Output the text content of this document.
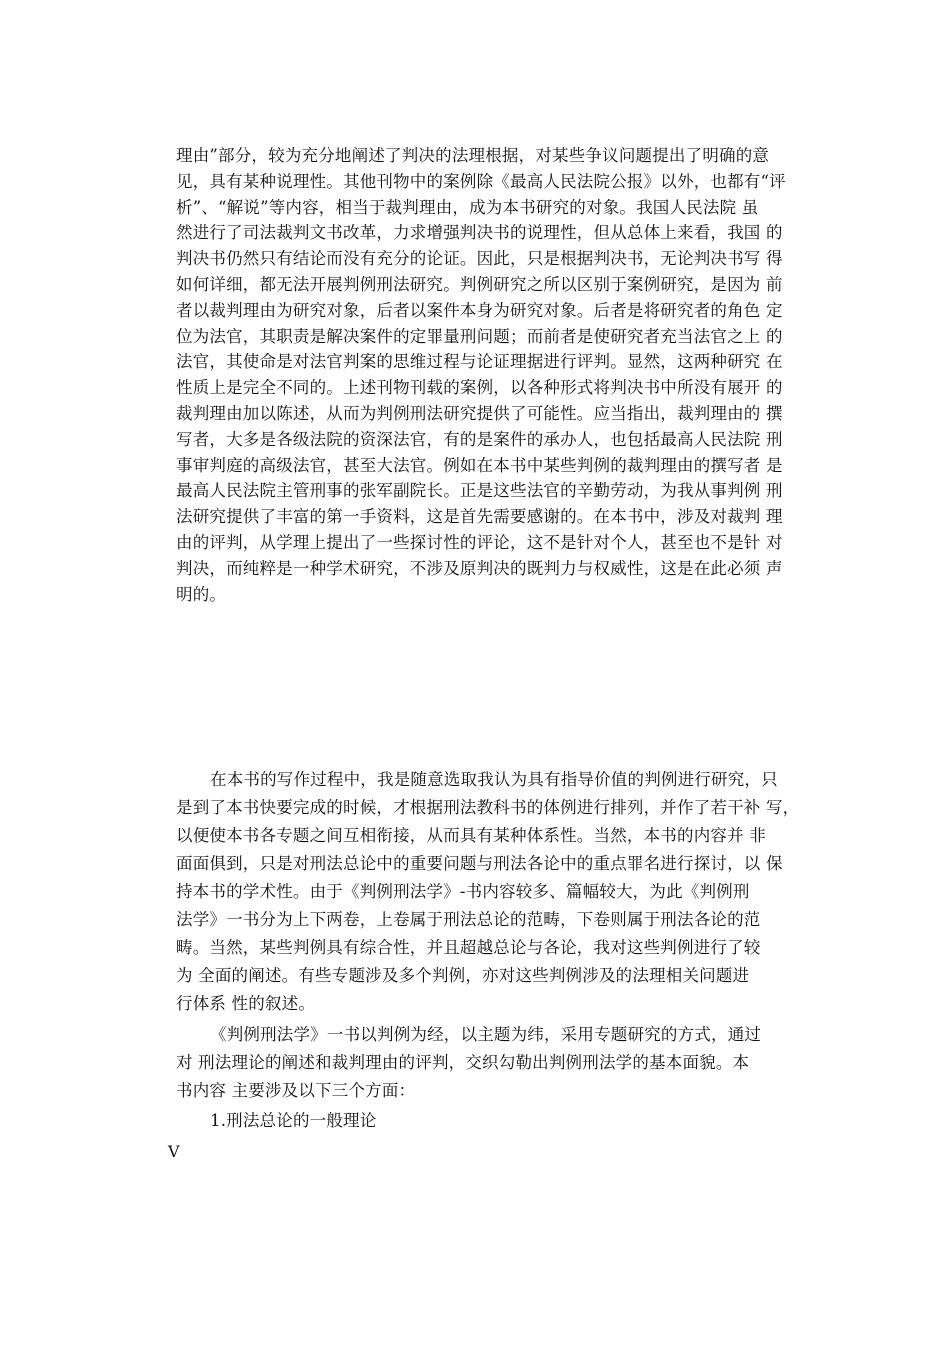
理由”部分，较为充分地阐述了判决的法理根据，对某些争议问题提出了明确的意
见，具有某种说理性。其他刊物中的案例除《最高人民法院公报》以外，也都有“评
析”、“解说”等内容，相当于裁判理由，成为本书研究的对象。我国人民法院 虽
然进行了司法裁判文书改革，力求增强判决书的说理性，但从总体上来看，我国 的
判决书仍然只有结论而没有充分的论证。因此，只是根据判决书，无论判决书写 得
如何详细，都无法开展判例刑法研究。判例研究之所以区别于案例研究，是因为 前
者以裁判理由为研究对象，后者以案件本身为研究对象。后者是将研究者的角色 定
位为法官，其职责是解决案件的定罪量刑问题；而前者是使研究者充当法官之上 的
法官，其使命是对法官判案的思维过程与论证理据进行评判。显然，这两种研究 在
性质上是完全不同的。上述刊物刊载的案例，以各种形式将判决书中所没有展开 的
裁判理由加以陈述，从而为判例刑法研究提供了可能性。应当指出，裁判理由的 撰
写者，大多是各级法院的资深法官，有的是案件的承办人，也包括最高人民法院 刑
事审判庭的高级法官，甚至大法官。例如在本书中某些判例的裁判理由的撰写者 是
最高人民法院主管刑事的张军副院长。正是这些法官的辛勤劳动，为我从事判例 刑
法研究提供了丰富的第一手资料，这是首先需要感谢的。在本书中，涉及对裁判 理
由的评判，从学理上提出了一些探讨性的评论，这不是针对个人，甚至也不是针 对
判决，而纯粹是一种学术研究，不涉及原判决的既判力与权威性，这是在此必须 声
明的。
在本书的写作过程中，我是随意选取我认为具有指导价值的判例进行研究，只
是到了本书快要完成的时候，才根据刑法教科书的体例进行排列，并作了若干补 写，
以便使本书各专题之间互相衔接，从而具有某种体系性。当然，本书的内容并 非
面面俱到，只是对刑法总论中的重要问题与刑法各论中的重点罪名进行探讨，以 保
持本书的学术性。由于《判例刑法学》-书内容较多、篇幅较大，为此《判例刑
法学》一书分为上下两卷，上卷属于刑法总论的范畴，下卷则属于刑法各论的范
畴。当然，某些判例具有综合性，并且超越总论与各论，我对这些判例进行了较
为 全面的阐述。有些专题涉及多个判例，亦对这些判例涉及的法理相关问题进
行体系 性的叙述。
《判例刑法学》一书以判例为经，以主题为纬，采用专题研究的方式，通过
对 刑法理论的阐述和裁判理由的评判，交织勾勒出判例刑法学的基本面貌。本
书内容 主要涉及以下三个方面：
1.刑法总论的一般理论
V
